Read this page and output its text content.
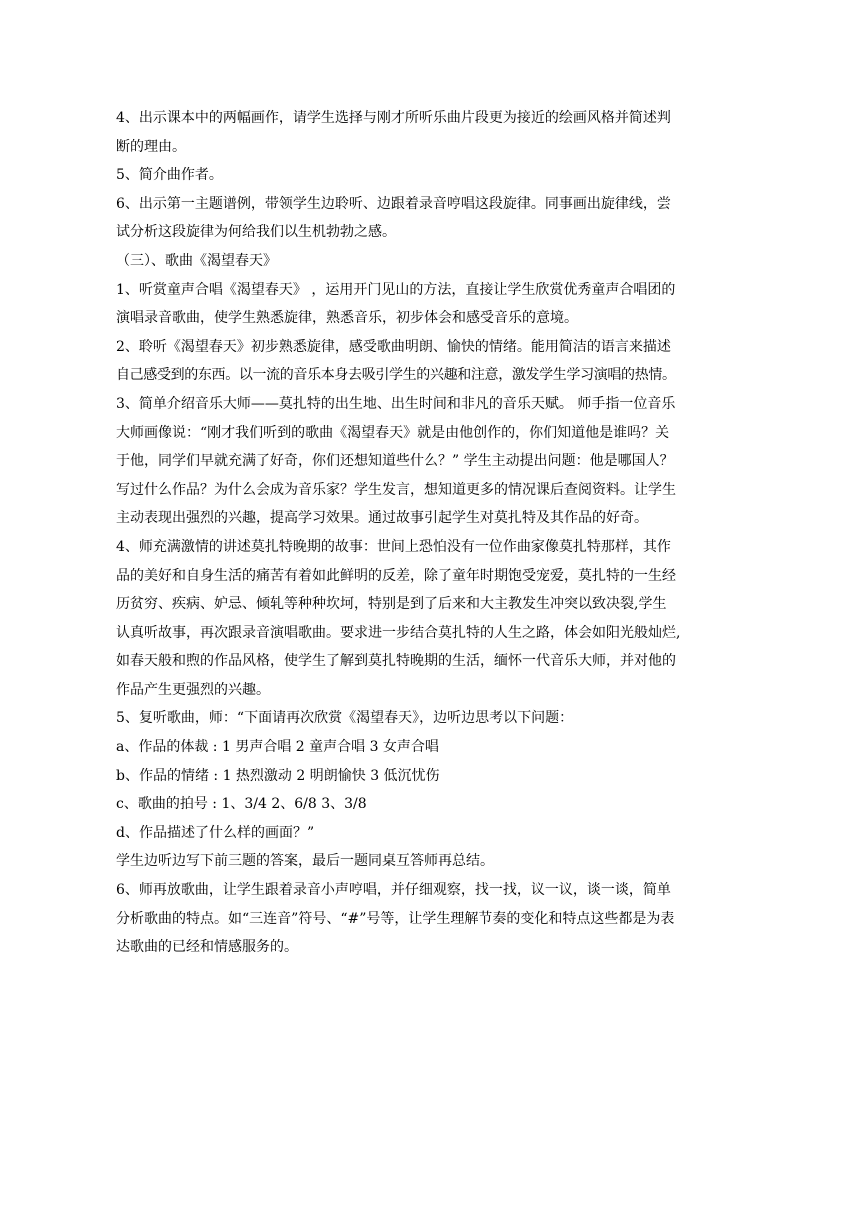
4、出示课本中的两幅画作，请学生选择与刚才所听乐曲片段更为接近的绘画风格并简述判
断的理由。
5、简介曲作者。
6、出示第一主题谱例，带领学生边聆听、边跟着录音哼唱这段旋律。同事画出旋律线，尝
试分析这段旋律为何给我们以生机勃勃之感。
（三）、歌曲《渴望春天》
1、听赏童声合唱《渴望春天》 ，运用开门见山的方法，直接让学生欣赏优秀童声合唱团的
演唱录音歌曲，使学生熟悉旋律，熟悉音乐，初步体会和感受音乐的意境。
2、聆听《渴望春天》初步熟悉旋律，感受歌曲明朗、愉快的情绪。能用简洁的语言来描述
自己感受到的东西。以一流的音乐本身去吸引学生的兴趣和注意，激发学生学习演唱的热情。
3、简单介绍音乐大师——莫扎特的出生地、出生时间和非凡的音乐天赋。 师手指一位音乐
大师画像说：“刚才我们听到的歌曲《渴望春天》就是由他创作的，你们知道他是谁吗？关
于他，同学们早就充满了好奇，你们还想知道些什么？” 学生主动提出问题：他是哪国人？
写过什么作品？为什么会成为音乐家？学生发言，想知道更多的情况课后查阅资料。让学生
主动表现出强烈的兴趣，提高学习效果。通过故事引起学生对莫扎特及其作品的好奇。
4、师充满激情的讲述莫扎特晚期的故事：世间上恐怕没有一位作曲家像莫扎特那样，其作
品的美好和自身生活的痛苦有着如此鲜明的反差，除了童年时期饱受宠爱，莫扎特的一生经
历贫穷、疾病、妒忌、倾轧等种种坎坷，特别是到了后来和大主教发生冲突以致决裂,学生
认真听故事，再次跟录音演唱歌曲。要求进一步结合莫扎特的人生之路，体会如阳光般灿烂,
如春天般和煦的作品风格，使学生了解到莫扎特晚期的生活，缅怀一代音乐大师，并对他的
作品产生更强烈的兴趣。
5、复听歌曲，师：“下面请再次欣赏《渴望春天》，边听边思考以下问题：
a、作品的体裁 : 1 男声合唱 2 童声合唱 3 女声合唱
b、作品的情绪 : 1 热烈激动 2 明朗愉快 3 低沉忧伤
c、歌曲的拍号 : 1、3/4 2、6/8 3、3/8
d、作品描述了什么样的画面？”
学生边听边写下前三题的答案，最后一题同桌互答师再总结。
6、师再放歌曲，让学生跟着录音小声哼唱，并仔细观察，找一找，议一议，谈一谈，简单
分析歌曲的特点。如“三连音”符号、“#”号等，让学生理解节奏的变化和特点这些都是为表
达歌曲的已经和情感服务的。
